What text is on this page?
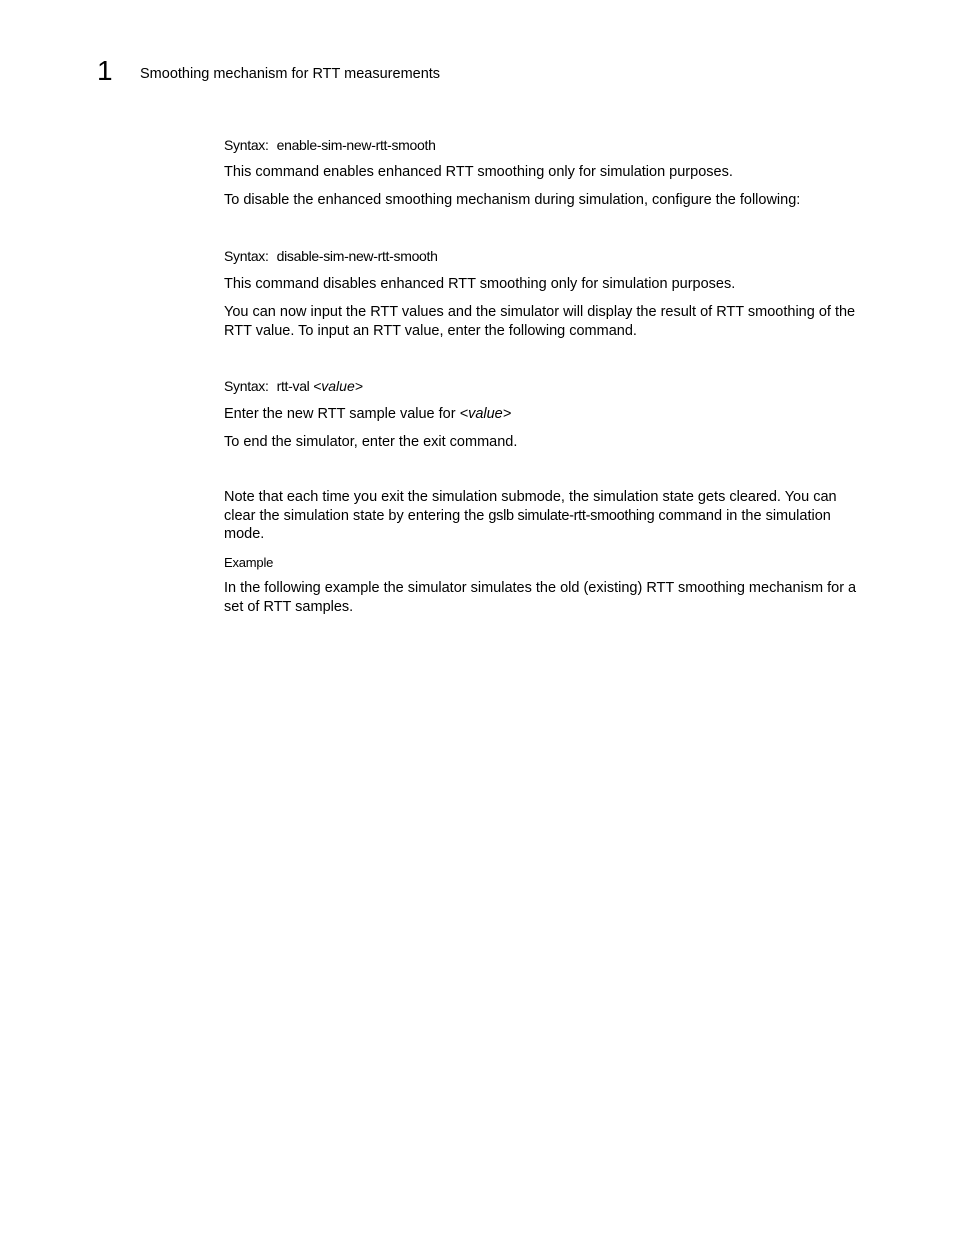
1 Smoothing mechanism for RTT measurements
Syntax: enable-sim-new-rtt-smooth

This command enables enhanced RTT smoothing only for simulation purposes.

To disable the enhanced smoothing mechanism during simulation, configure the following:

Syntax: disable-sim-new-rtt-smooth

This command disables enhanced RTT smoothing only for simulation purposes.

You can now input the RTT values and the simulator will display the result of RTT smoothing of the RTT value. To input an RTT value, enter the following command.

Syntax: rtt-val <value>

Enter the new RTT sample value for <value>

To end the simulator, enter the exit command.

Note that each time you exit the simulation submode, the simulation state gets cleared. You can clear the simulation state by entering the gslb simulate-rtt-smoothing command in the simulation mode.

Example

In the following example the simulator simulates the old (existing) RTT smoothing mechanism for a set of RTT samples.
